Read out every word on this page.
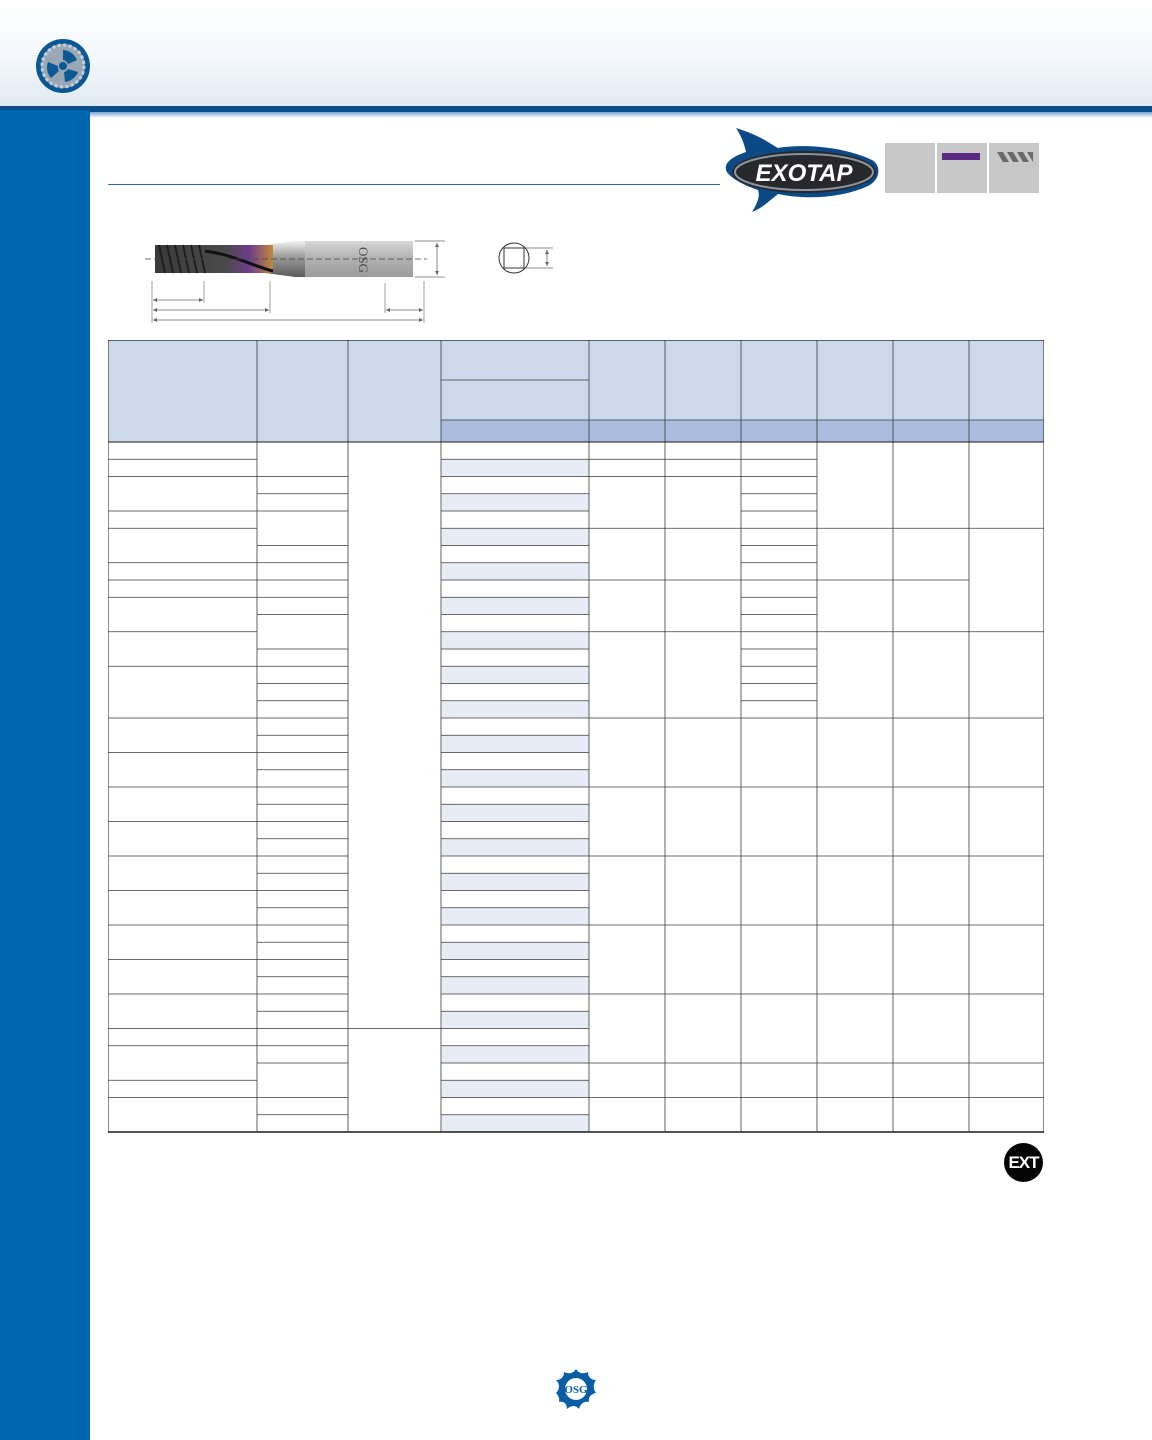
EXOTAP
OSG
EXT
OSG
